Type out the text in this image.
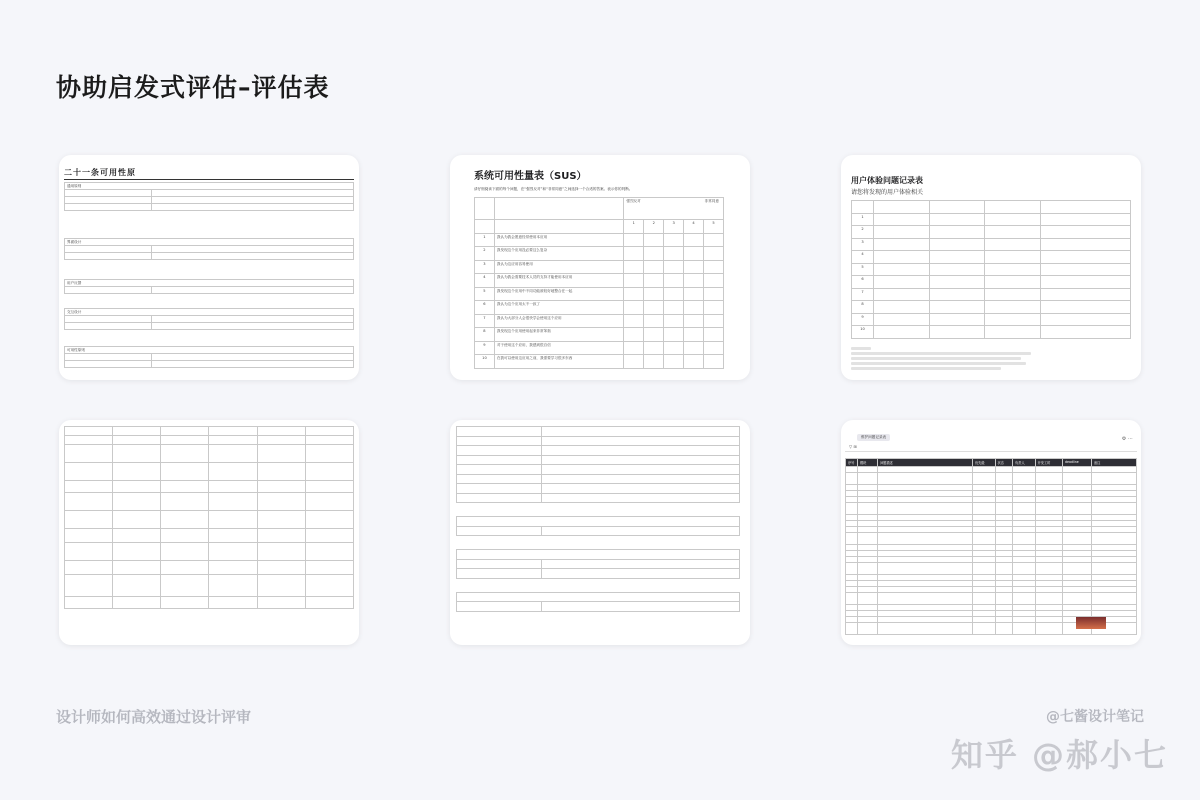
协助启发式评估–评估表
二十一条可用性原
通用原则

界面设计

用户反馈

交互设计

可用性原则

系统可用性量表（SUS）
请仔细阅读下面的每个问题，在“强烈反对”和“非常同意”之间选择一个合适的答案。表示你的判断。
		强烈反对 非常同意				

		1	2	3	4	5
1	我认为我会愿意经常使用本应用					
2	我发现这个应用没必要这么复杂					
3	我认为这应用容易使用					
4	我认为我会需要技术人员的支持才能使用本应用					
5	我发现这个应用中不同功能被较好地整合在一起					
6	我认为这个应用太不一致了					
7	我认为大部分人会很快学会使用这个应用					
8	我发现这个应用使用起来非常笨拙					
9	对于使用这个应用，我感到很自信					
10	在我可以使用这应用之前，我需要学习很多东西					
用户体验问题记录表
请您将发现的用户体验相关

1				
2				
3				
4				
5				
6				
7				
8				
9				
10				

维护问题记录表
▽ ⊞
⚙ ⋯
序号	模块	问题描述	优先级	状态	负责人	开发工时	deadline	备注

设计师如何高效通过设计评审	@七酱设计笔记
知乎 @郝小七
